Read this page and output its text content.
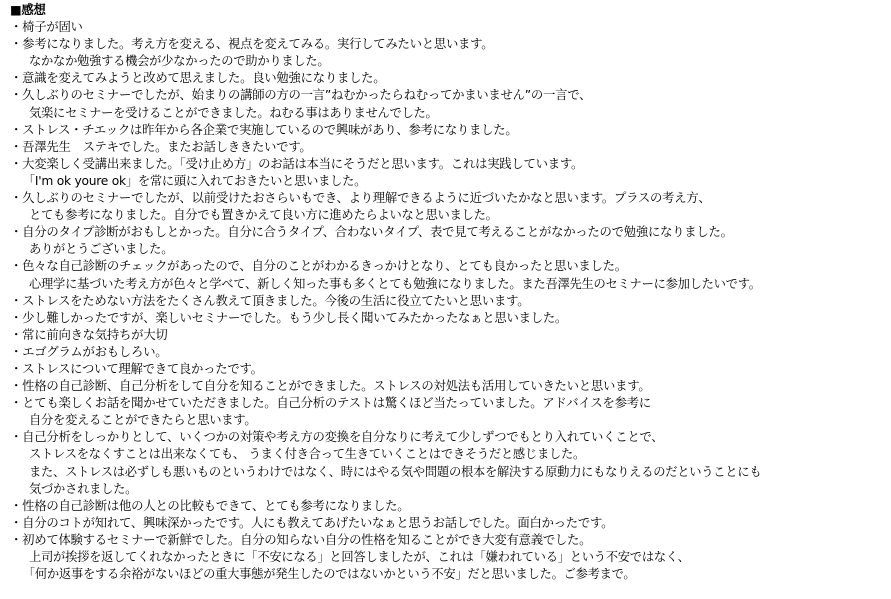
■感想
・椅子が固い
・参考になりました。考え方を変える、視点を変えてみる。実行してみたいと思います。
　なかなか勉強する機会が少なかったので助かりました。
・意識を変えてみようと改めて思えました。良い勉強になりました。
・久しぶりのセミナーでしたが、始まりの講師の方の一言”ねむかったらねむってかまいません”の一言で、
　気楽にセミナーを受けることができました。ねむる事はありませんでした。
・ストレス・チエックは昨年から各企業で実施しているので興味があり、参考になりました。
・吾澤先生　ステキでした。またお話しききたいです。
・大変楽しく受講出来ました。「受け止め方」のお話は本当にそうだと思います。これは実践しています。
　「I'm ok youre ok」を常に頭に入れておきたいと思いました。
・久しぶりのセミナーでしたが、以前受けたおさらいもでき、より理解できるように近づいたかなと思います。プラスの考え方、
　とても参考になりました。自分でも置きかえて良い方に進めたらよいなと思いました。
・自分のタイプ診断がおもしとかった。自分に合うタイプ、合わないタイプ、表で見て考えることがなかったので勉強になりました。
　ありがとうございました。
・色々な自己診断のチェックがあったので、自分のことがわかるきっかけとなり、とても良かったと思いました。
　心理学に基づいた考え方が色々と学べて、新しく知った事も多くとても勉強になりました。また吾澤先生のセミナーに参加したいです。
・ストレスをためない方法をたくさん教えて頂きました。今後の生活に役立てたいと思います。
・少し難しかったですが、楽しいセミナーでした。もう少し長く聞いてみたかったなぁと思いました。
・常に前向きな気持ちが大切
・エゴグラムがおもしろい。
・ストレスについて理解できて良かったです。
・性格の自己診断、自己分析をして自分を知ることができました。ストレスの対処法も活用していきたいと思います。
・とても楽しくお話を聞かせていただきました。自己分析のテストは驚くほど当たっていました。アドバイスを参考に
　自分を変えることができたらと思います。
・自己分析をしっかりとして、いくつかの対策や考え方の変換を自分なりに考えて少しずつでもとり入れていくことで、
　ストレスをなくすことは出来なくても、 うまく付き合って生きていくことはできそうだと感じました。
　また、ストレスは必ずしも悪いものというわけではなく、時にはやる気や問題の根本を解決する原動力にもなりえるのだということにも
　気づかされました。
・性格の自己診断は他の人との比較もできて、とても参考になりました。
・自分のコトが知れて、興味深かったです。人にも教えてあげたいなぁと思うお話しでした。面白かったです。
・初めて体験するセミナーで新鮮でした。自分の知らない自分の性格を知ることができ大変有意義でした。
　上司が挨拶を返してくれなかったときに「不安になる」と回答しましたが、これは「嫌われている」という不安ではなく、
　「何か返事をする余裕がないほどの重大事態が発生したのではないかという不安」だと思いました。ご参考まで。
